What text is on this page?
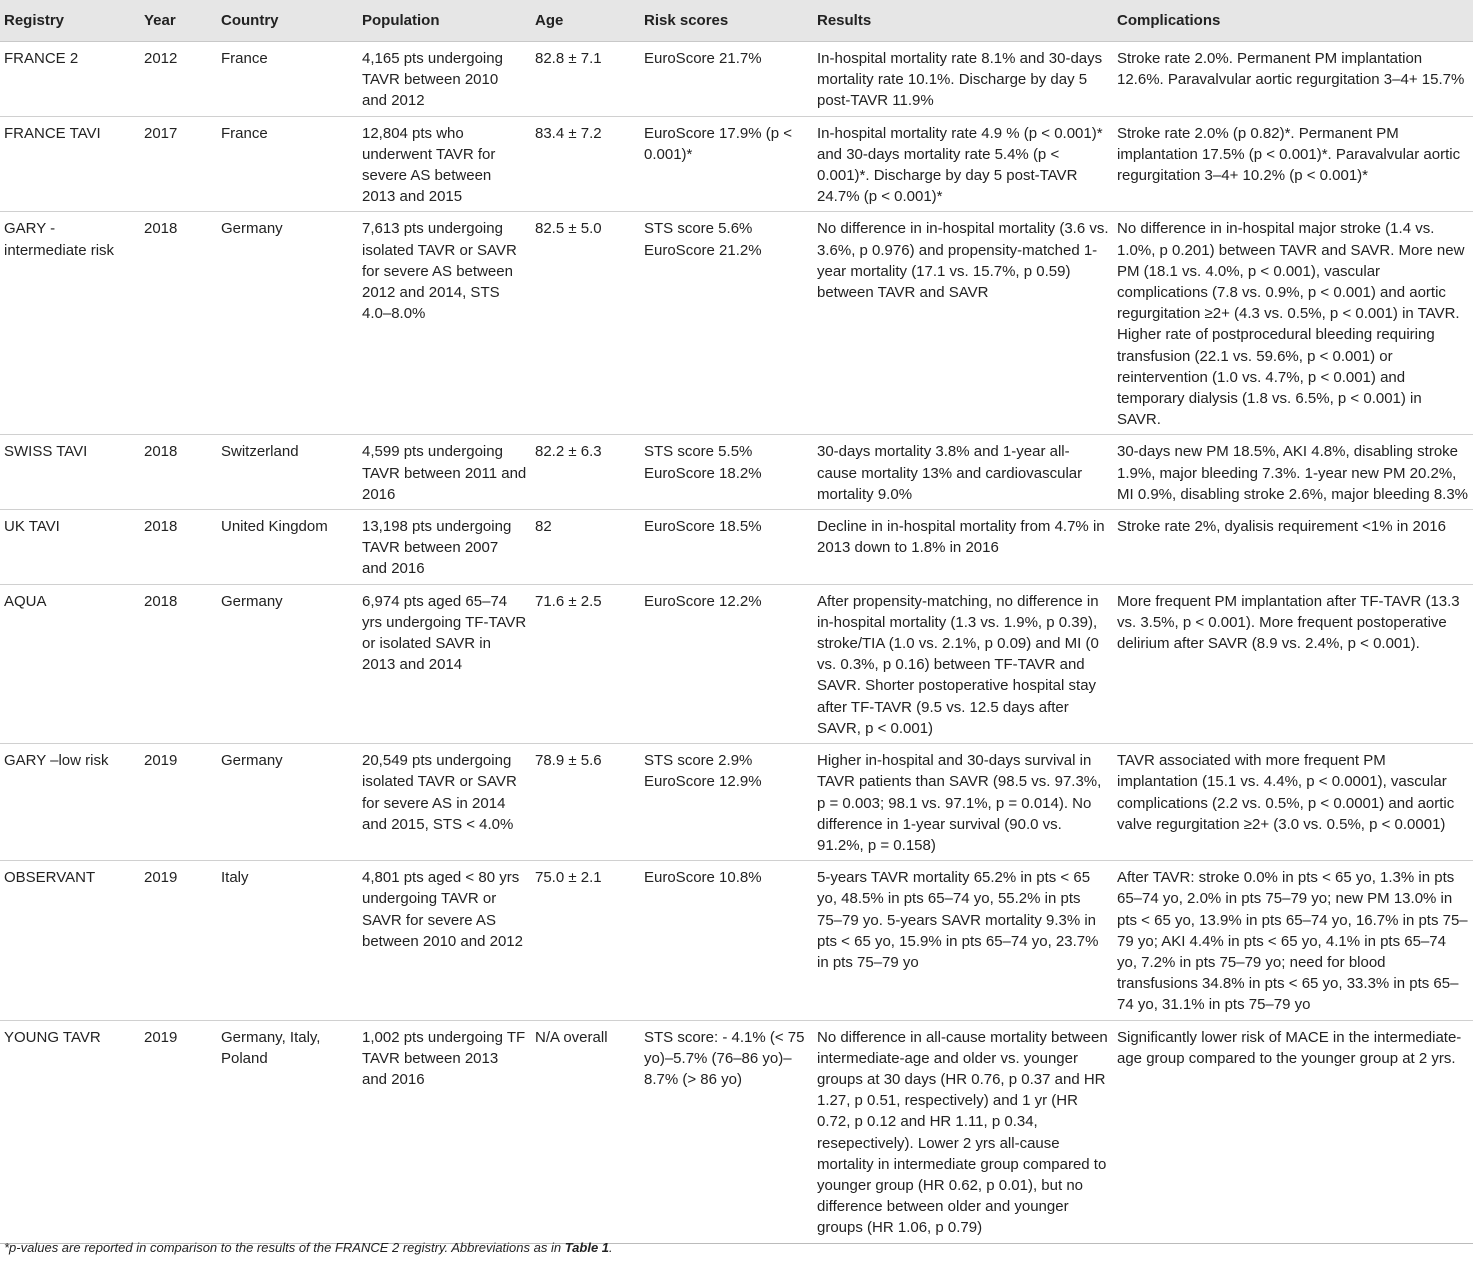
Registry	Year	Country	Population	Age	Risk scores	Results	Complications
FRANCE 2	2012	France	4,165 pts undergoing TAVR between 2010 and 2012	82.8 ± 7.1	EuroScore 21.7%	In-hospital mortality rate 8.1% and 30-days mortality rate 10.1%. Discharge by day 5 post-TAVR 11.9%	Stroke rate 2.0%. Permanent PM implantation 12.6%. Paravalvular aortic regurgitation 3–4+ 15.7%
FRANCE TAVI	2017	France	12,804 pts who underwent TAVR for severe AS between 2013 and 2015	83.4 ± 7.2	EuroScore 17.9% (p < 0.001)*	In-hospital mortality rate 4.9 % (p < 0.001)* and 30-days mortality rate 5.4% (p < 0.001)*. Discharge by day 5 post-TAVR 24.7% (p < 0.001)*	Stroke rate 2.0% (p 0.82)*. Permanent PM implantation 17.5% (p < 0.001)*. Paravalvular aortic regurgitation 3–4+ 10.2% (p < 0.001)*
GARY - intermediate risk	2018	Germany	7,613 pts undergoing isolated TAVR or SAVR for severe AS between 2012 and 2014, STS 4.0–8.0%	82.5 ± 5.0	STS score 5.6% EuroScore 21.2%	No difference in in-hospital mortality (3.6 vs. 3.6%, p 0.976) and propensity-matched 1-year mortality (17.1 vs. 15.7%, p 0.59) between TAVR and SAVR	No difference in in-hospital major stroke (1.4 vs. 1.0%, p 0.201) between TAVR and SAVR. More new PM (18.1 vs. 4.0%, p < 0.001), vascular complications (7.8 vs. 0.9%, p < 0.001) and aortic regurgitation ≥2+ (4.3 vs. 0.5%, p < 0.001) in TAVR. Higher rate of postprocedural bleeding requiring transfusion (22.1 vs. 59.6%, p < 0.001) or reintervention (1.0 vs. 4.7%, p < 0.001) and temporary dialysis (1.8 vs. 6.5%, p < 0.001) in SAVR.
SWISS TAVI	2018	Switzerland	4,599 pts undergoing TAVR between 2011 and 2016	82.2 ± 6.3	STS score 5.5% EuroScore 18.2%	30-days mortality 3.8% and 1-year all-cause mortality 13% and cardiovascular mortality 9.0%	30-days new PM 18.5%, AKI 4.8%, disabling stroke 1.9%, major bleeding 7.3%. 1-year new PM 20.2%, MI 0.9%, disabling stroke 2.6%, major bleeding 8.3%
UK TAVI	2018	United Kingdom	13,198 pts undergoing TAVR between 2007 and 2016	82	EuroScore 18.5%	Decline in in-hospital mortality from 4.7% in 2013 down to 1.8% in 2016	Stroke rate 2%, dyalisis requirement <1% in 2016
AQUA	2018	Germany	6,974 pts aged 65–74 yrs undergoing TF-TAVR or isolated SAVR in 2013 and 2014	71.6 ± 2.5	EuroScore 12.2%	After propensity-matching, no difference in in-hospital mortality (1.3 vs. 1.9%, p 0.39), stroke/TIA (1.0 vs. 2.1%, p 0.09) and MI (0 vs. 0.3%, p 0.16) between TF-TAVR and SAVR. Shorter postoperative hospital stay after TF-TAVR (9.5 vs. 12.5 days after SAVR, p < 0.001)	More frequent PM implantation after TF-TAVR (13.3 vs. 3.5%, p < 0.001). More frequent postoperative delirium after SAVR (8.9 vs. 2.4%, p < 0.001).
GARY –low risk	2019	Germany	20,549 pts undergoing isolated TAVR or SAVR for severe AS in 2014 and 2015, STS < 4.0%	78.9 ± 5.6	STS score 2.9% EuroScore 12.9%	Higher in-hospital and 30-days survival in TAVR patients than SAVR (98.5 vs. 97.3%, p = 0.003; 98.1 vs. 97.1%, p = 0.014). No difference in 1-year survival (90.0 vs. 91.2%, p = 0.158)	TAVR associated with more frequent PM implantation (15.1 vs. 4.4%, p < 0.0001), vascular complications (2.2 vs. 0.5%, p < 0.0001) and aortic valve regurgitation ≥2+ (3.0 vs. 0.5%, p < 0.0001)
OBSERVANT	2019	Italy	4,801 pts aged < 80 yrs undergoing TAVR or SAVR for severe AS between 2010 and 2012	75.0 ± 2.1	EuroScore 10.8%	5-years TAVR mortality 65.2% in pts < 65 yo, 48.5% in pts 65–74 yo, 55.2% in pts 75–79 yo. 5-years SAVR mortality 9.3% in pts < 65 yo, 15.9% in pts 65–74 yo, 23.7% in pts 75–79 yo	After TAVR: stroke 0.0% in pts < 65 yo, 1.3% in pts 65–74 yo, 2.0% in pts 75–79 yo; new PM 13.0% in pts < 65 yo, 13.9% in pts 65–74 yo, 16.7% in pts 75–79 yo; AKI 4.4% in pts < 65 yo, 4.1% in pts 65–74 yo, 7.2% in pts 75–79 yo; need for blood transfusions 34.8% in pts < 65 yo, 33.3% in pts 65–74 yo, 31.1% in pts 75–79 yo
YOUNG TAVR	2019	Germany, Italy, Poland	1,002 pts undergoing TF TAVR between 2013 and 2016	N/A overall	STS score: - 4.1% (< 75 yo)–5.7% (76–86 yo)–8.7% (> 86 yo)	No difference in all-cause mortality between intermediate-age and older vs. younger groups at 30 days (HR 0.76, p 0.37 and HR 1.27, p 0.51, respectively) and 1 yr (HR 0.72, p 0.12 and HR 1.11, p 0.34, resepectively). Lower 2 yrs all-cause mortality in intermediate group compared to younger group (HR 0.62, p 0.01), but no difference between older and younger groups (HR 1.06, p 0.79)	Significantly lower risk of MACE in the intermediate-age group compared to the younger group at 2 yrs.
*p-values are reported in comparison to the results of the FRANCE 2 registry. Abbreviations as in Table 1.
